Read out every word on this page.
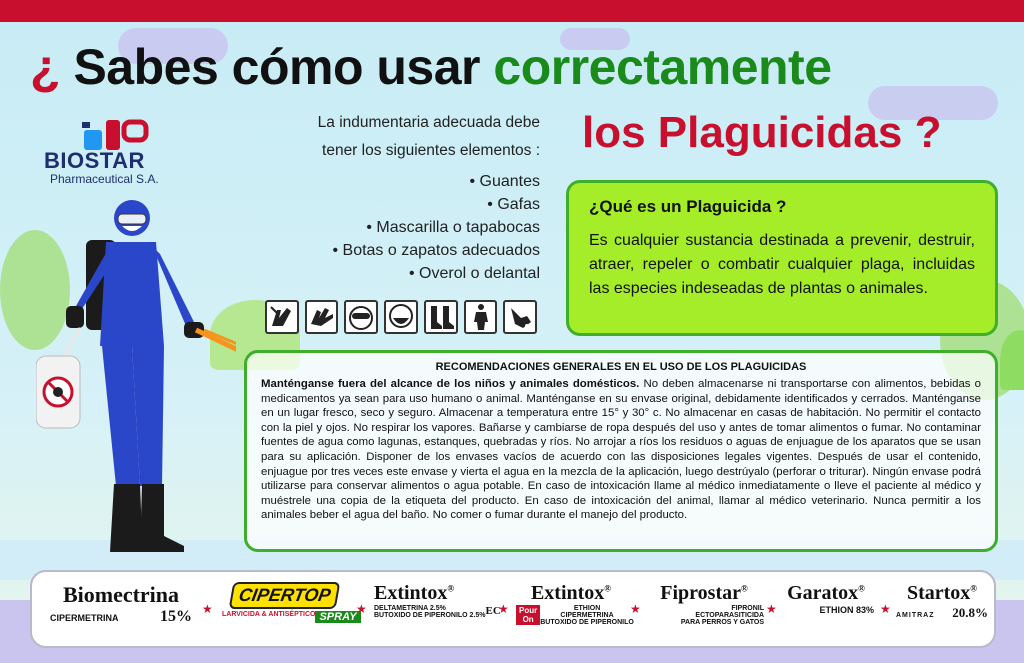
¿ Sabes cómo usar correctamente
los Plaguicidas ?
BIOSTAR
Pharmaceutical S.A.
La indumentaria adecuada debe
tener los siguientes elementos :
• Guantes
• Gafas
• Mascarilla o tapabocas
• Botas o zapatos adecuados
• Overol o delantal
¿Qué es un Plaguicida ?

Es cualquier sustancia destinada a prevenir, destruir, atraer, repeler o combatir cualquier plaga, incluidas las especies indeseadas de plantas o animales.

RECOMENDACIONES GENERALES EN EL USO DE LOS PLAGUICIDAS

Manténganse fuera del alcance de los niños y animales domésticos. No deben almacenarse ni transportarse con alimentos, bebidas o medicamentos ya sean para uso humano o animal. Manténganse en su envase original, debidamente identificados y cerrados. Manténganse en un lugar fresco, seco y seguro. Almacenar a temperatura entre 15° y 30° c. No almacenar en casas de habitación. No permitir el contacto con la piel y ojos. No respirar los vapores. Bañarse y cambiarse de ropa después del uso y antes de tomar alimentos o fumar. No contaminar fuentes de agua como lagunas, estanques, quebradas y ríos. No arrojar a ríos los residuos o aguas de enjuague de los aparatos que se usan para su aplicación. Disponer de los envases vacíos de acuerdo con las disposiciones legales vigentes. Después de usar el contenido, enjuague por tres veces este envase y vierta el agua en la mezcla de la aplicación, luego destrúyalo (perforar o triturar). Ningún envase podrá utilizarse para conservar alimentos o agua potable. En caso de intoxicación llame al médico inmediatamente o lleve el paciente al médico y muéstrele una copia de la etiqueta del producto. En caso de intoxicación del animal, llamar al médico veterinario. Nunca permitir a los animales beber el agua del baño. No comer o fumar durante el manejo del producto.

Biomectrina
CIPERMETRINA	15% ★
CIPERTOP
LARVICIDA & ANTISÉPTICO SPRAY
★
Extintox®
DELTAMETRINA 2.5%
BUTOXIDO DE PIPERONILO 2.5% EC
★
Extintox®
Pour On
ETHION
CIPERMETRINA
BUTOXIDO DE PIPERONILO
★
Fiprostar®
FIPRONIL
ECTOPARASITICIDA
PARA PERROS Y GATOS
★
Garatox®
ETHION 83% ★
Startox®
AMITRAZ 20.8%
